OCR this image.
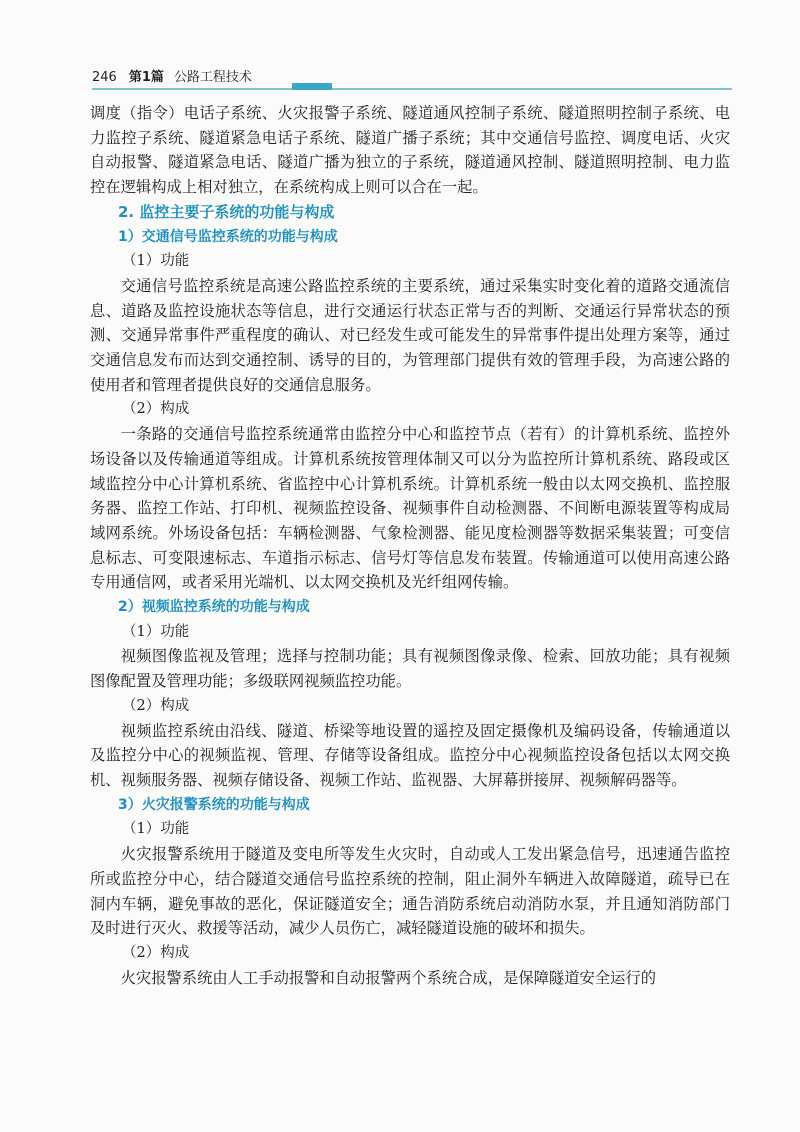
246 第1篇 公路工程技术

调度（指令）电话子系统、火灾报警子系统、隧道通风控制子系统、隧道照明控制子系统、电力监控子系统、隧道紧急电话子系统、隧道广播子系统；其中交通信号监控、调度电话、火灾自动报警、隧道紧急电话、隧道广播为独立的子系统，隧道通风控制、隧道照明控制、电力监控在逻辑构成上相对独立，在系统构成上则可以合在一起。

2. 监控主要子系统的功能与构成

1）交通信号监控系统的功能与构成

（1）功能

交通信号监控系统是高速公路监控系统的主要系统，通过采集实时变化着的道路交通流信息、道路及监控设施状态等信息，进行交通运行状态正常与否的判断、交通运行异常状态的预测、交通异常事件严重程度的确认、对已经发生或可能发生的异常事件提出处理方案等，通过交通信息发布而达到交通控制、诱导的目的，为管理部门提供有效的管理手段，为高速公路的使用者和管理者提供良好的交通信息服务。

（2）构成

一条路的交通信号监控系统通常由监控分中心和监控节点（若有）的计算机系统、监控外场设备以及传输通道等组成。计算机系统按管理体制又可以分为监控所计算机系统、路段或区域监控分中心计算机系统、省监控中心计算机系统。计算机系统一般由以太网交换机、监控服务器、监控工作站、打印机、视频监控设备、视频事件自动检测器、不间断电源装置等构成局域网系统。外场设备包括：车辆检测器、气象检测器、能见度检测器等数据采集装置；可变信息标志、可变限速标志、车道指示标志、信号灯等信息发布装置。传输通道可以使用高速公路专用通信网，或者采用光端机、以太网交换机及光纤组网传输。

2）视频监控系统的功能与构成

（1）功能

视频图像监视及管理；选择与控制功能；具有视频图像录像、检索、回放功能；具有视频图像配置及管理功能；多级联网视频监控功能。

（2）构成

视频监控系统由沿线、隧道、桥梁等地设置的遥控及固定摄像机及编码设备，传输通道以及监控分中心的视频监视、管理、存储等设备组成。监控分中心视频监控设备包括以太网交换机、视频服务器、视频存储设备、视频工作站、监视器、大屏幕拼接屏、视频解码器等。

3）火灾报警系统的功能与构成

（1）功能

火灾报警系统用于隧道及变电所等发生火灾时，自动或人工发出紧急信号，迅速通告监控所或监控分中心，结合隧道交通信号监控系统的控制，阻止洞外车辆进入故障隧道，疏导已在洞内车辆，避免事故的恶化，保证隧道安全；通告消防系统启动消防水泵，并且通知消防部门及时进行灭火、救援等活动，减少人员伤亡，减轻隧道设施的破坏和损失。

（2）构成

火灾报警系统由人工手动报警和自动报警两个系统合成，是保障隧道安全运行的
